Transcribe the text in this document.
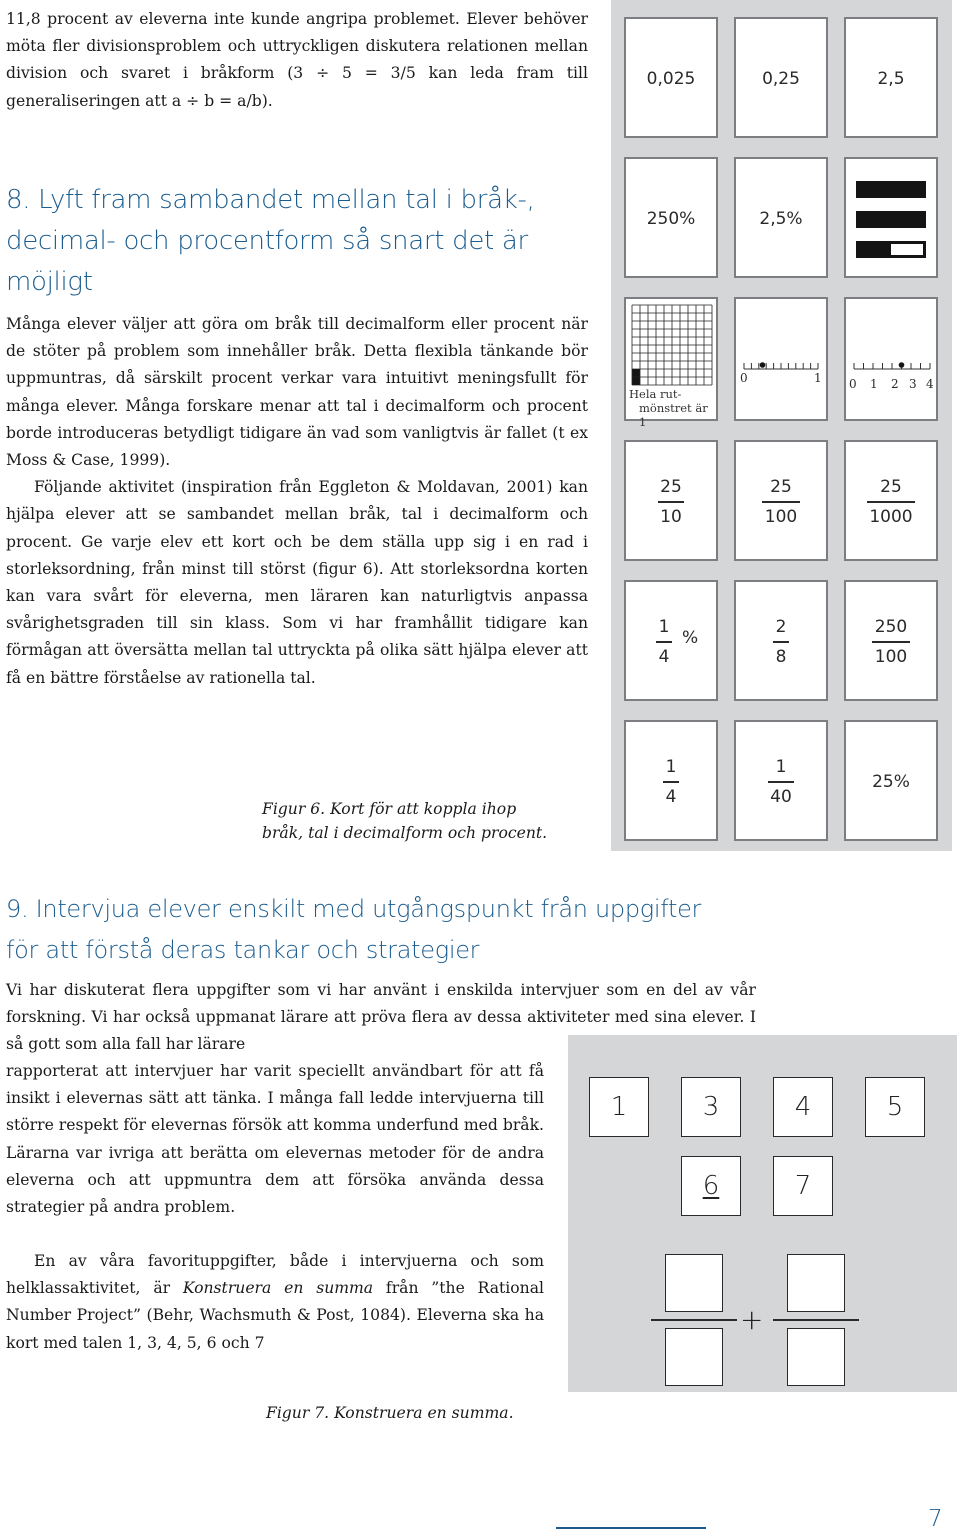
11,8 procent av eleverna inte kunde angripa problemet. Elever behöver möta fler divisionsproblem och uttryckligen diskutera relationen mellan division och svaret i bråkform (3 ÷ 5 = 3/5 kan leda fram till generaliseringen att a ÷ b = a/b).
8. Lyft fram sambandet mellan tal i bråk-, decimal- och procentform så snart det är möjligt

Många elever väljer att göra om bråk till decimalform eller procent när de stöter på problem som innehåller bråk. Detta flexibla tänkande bör uppmuntras, då särskilt procent verkar vara intuitivt meningsfullt för många elever. Många forskare menar att tal i decimalform och procent borde introduceras betydligt tidigare än vad som vanligtvis är fallet (t ex Moss & Case, 1999).

Följande aktivitet (inspiration från Eggleton & Moldavan, 2001) kan hjälpa elever att se sambandet mellan bråk, tal i decimalform och procent. Ge varje elev ett kort och be dem ställa upp sig i en rad i storleksordning, från minst till störst (figur 6). Att storleksordna korten kan vara svårt för eleverna, men läraren kan naturligtvis anpassa svårighetsgraden till sin klass. Som vi har framhållit tidigare kan förmågan att översätta mellan tal uttryckta på olika sätt hjälpa elever att få en bättre förståelse av rationella tal.

Figur 6. Kort för att koppla ihop
bråk, tal i decimalform och procent.
0,025	0,25	2,5
250%	2,5%
Hela rut-
mönstret är 1
0	1 0 1 2 3 4
25
10
25
100
25
1000
1
4
%
2
8
250
100
1
4
1
40
25%
9. Intervjua elever enskilt med utgångspunkt från uppgifter för att förstå deras tankar och strategier
Vi har diskuterat flera uppgifter som vi har använt i enskilda intervjuer som en del av vår forskning. Vi har också uppmanat lärare att pröva flera av dessa aktiviteter med sina elever. I så gott som alla fall har lärare
rapporterat att intervjuer har varit speciellt användbart för att få insikt i elevernas sätt att tänka. I många fall ledde intervjuerna till större respekt för elevernas försök att komma underfund med bråk. Lärarna var ivriga att berätta om elevernas metoder för de andra eleverna och att uppmuntra dem att försöka använda dessa strategier på andra problem.
En av våra favorituppgifter, både i intervjuerna och som helklassaktivitet, är Konstruera en summa från ”the Rational Number Project” (Behr, Wachsmuth & Post, 1084). Eleverna ska ha kort med talen 1, 3, 4, 5, 6 och 7
1	3	4	5
6	7
+
Figur 7. Konstruera en summa.
7
